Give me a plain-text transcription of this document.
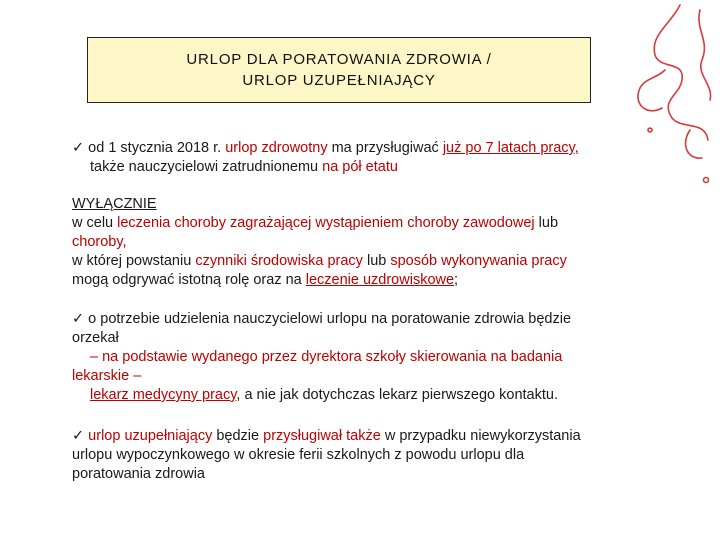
URLOP DLA PORATOWANIA ZDROWIA /
URLOP UZUPEŁNIAJĄCY
✓ od 1 stycznia 2018 r. urlop zdrowotny ma przysługiwać już po 7 latach pracy,
także nauczycielowi zatrudnionemu na pół etatu
WYŁĄCZNIE
w celu leczenia choroby zagrażającej wystąpieniem choroby zawodowej lub
choroby,
w której powstaniu czynniki środowiska pracy lub sposób wykonywania pracy
mogą odgrywać istotną rolę oraz na leczenie uzdrowiskowe;
✓ o potrzebie udzielenia nauczycielowi urlopu na poratowanie zdrowia będzie
orzekał
– na podstawie wydanego przez dyrektora szkoły skierowania na badania
lekarskie –
lekarz medycyny pracy, a nie jak dotychczas lekarz pierwszego kontaktu.
✓ urlop uzupełniający będzie przysługiwał także w przypadku niewykorzystania
urlopu wypoczynkowego w okresie ferii szkolnych z powodu urlopu dla
poratowania zdrowia
